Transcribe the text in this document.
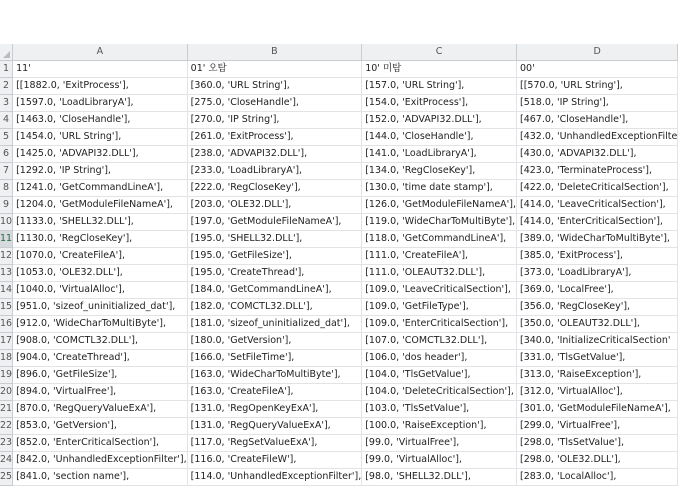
	A	B	C	D
1	11'	01' 오탐	10' 미탐	00'
2	[[1882.0, 'ExitProcess'],	[360.0, 'URL String'],	[157.0, 'URL String'],	[[570.0, 'URL String'],
3	[1597.0, 'LoadLibraryA'],	[275.0, 'CloseHandle'],	[154.0, 'ExitProcess'],	[518.0, 'IP String'],
4	[1463.0, 'CloseHandle'],	[270.0, 'IP String'],	[152.0, 'ADVAPI32.DLL'],	[467.0, 'CloseHandle'],
5	[1454.0, 'URL String'],	[261.0, 'ExitProcess'],	[144.0, 'CloseHandle'],	[432.0, 'UnhandledExceptionFilte
6	[1425.0, 'ADVAPI32.DLL'],	[238.0, 'ADVAPI32.DLL'],	[141.0, 'LoadLibraryA'],	[430.0, 'ADVAPI32.DLL'],
7	[1292.0, 'IP String'],	[233.0, 'LoadLibraryA'],	[134.0, 'RegCloseKey'],	[423.0, 'TerminateProcess'],
8	[1241.0, 'GetCommandLineA'],	[222.0, 'RegCloseKey'],	[130.0, 'time date stamp'],	[422.0, 'DeleteCriticalSection'],
9	[1204.0, 'GetModuleFileNameA'],	[203.0, 'OLE32.DLL'],	[126.0, 'GetModuleFileNameA'],	[414.0, 'LeaveCriticalSection'],
10	[1133.0, 'SHELL32.DLL'],	[197.0, 'GetModuleFileNameA'],	[119.0, 'WideCharToMultiByte'],	[414.0, 'EnterCriticalSection'],
11	[1130.0, 'RegCloseKey'],	[195.0, 'SHELL32.DLL'],	[118.0, 'GetCommandLineA'],	[389.0, 'WideCharToMultiByte'],
12	[1070.0, 'CreateFileA'],	[195.0, 'GetFileSize'],	[111.0, 'CreateFileA'],	[385.0, 'ExitProcess'],
13	[1053.0, 'OLE32.DLL'],	[195.0, 'CreateThread'],	[111.0, 'OLEAUT32.DLL'],	[373.0, 'LoadLibraryA'],
14	[1040.0, 'VirtualAlloc'],	[184.0, 'GetCommandLineA'],	[109.0, 'LeaveCriticalSection'],	[369.0, 'LocalFree'],
15	[951.0, 'sizeof_uninitialized_dat'],	[182.0, 'COMCTL32.DLL'],	[109.0, 'GetFileType'],	[356.0, 'RegCloseKey'],
16	[912.0, 'WideCharToMultiByte'],	[181.0, 'sizeof_uninitialized_dat'],	[109.0, 'EnterCriticalSection'],	[350.0, 'OLEAUT32.DLL'],
17	[908.0, 'COMCTL32.DLL'],	[180.0, 'GetVersion'],	[107.0, 'COMCTL32.DLL'],	[340.0, 'InitializeCriticalSection'
18	[904.0, 'CreateThread'],	[166.0, 'SetFileTime'],	[106.0, 'dos header'],	[331.0, 'TlsGetValue'],
19	[896.0, 'GetFileSize'],	[163.0, 'WideCharToMultiByte'],	[104.0, 'TlsGetValue'],	[313.0, 'RaiseException'],
20	[894.0, 'VirtualFree'],	[163.0, 'CreateFileA'],	[104.0, 'DeleteCriticalSection'],	[312.0, 'VirtualAlloc'],
21	[870.0, 'RegQueryValueExA'],	[131.0, 'RegOpenKeyExA'],	[103.0, 'TlsSetValue'],	[301.0, 'GetModuleFileNameA'],
22	[853.0, 'GetVersion'],	[131.0, 'RegQueryValueExA'],	[100.0, 'RaiseException'],	[299.0, 'VirtualFree'],
23	[852.0, 'EnterCriticalSection'],	[117.0, 'RegSetValueExA'],	[99.0, 'VirtualFree'],	[298.0, 'TlsSetValue'],
24	[842.0, 'UnhandledExceptionFilter'],	[116.0, 'CreateFileW'],	[99.0, 'VirtualAlloc'],	[298.0, 'OLE32.DLL'],
25	[841.0, 'section name'],	[114.0, 'UnhandledExceptionFilter'],	[98.0, 'SHELL32.DLL'],	[283.0, 'LocalAlloc'],
